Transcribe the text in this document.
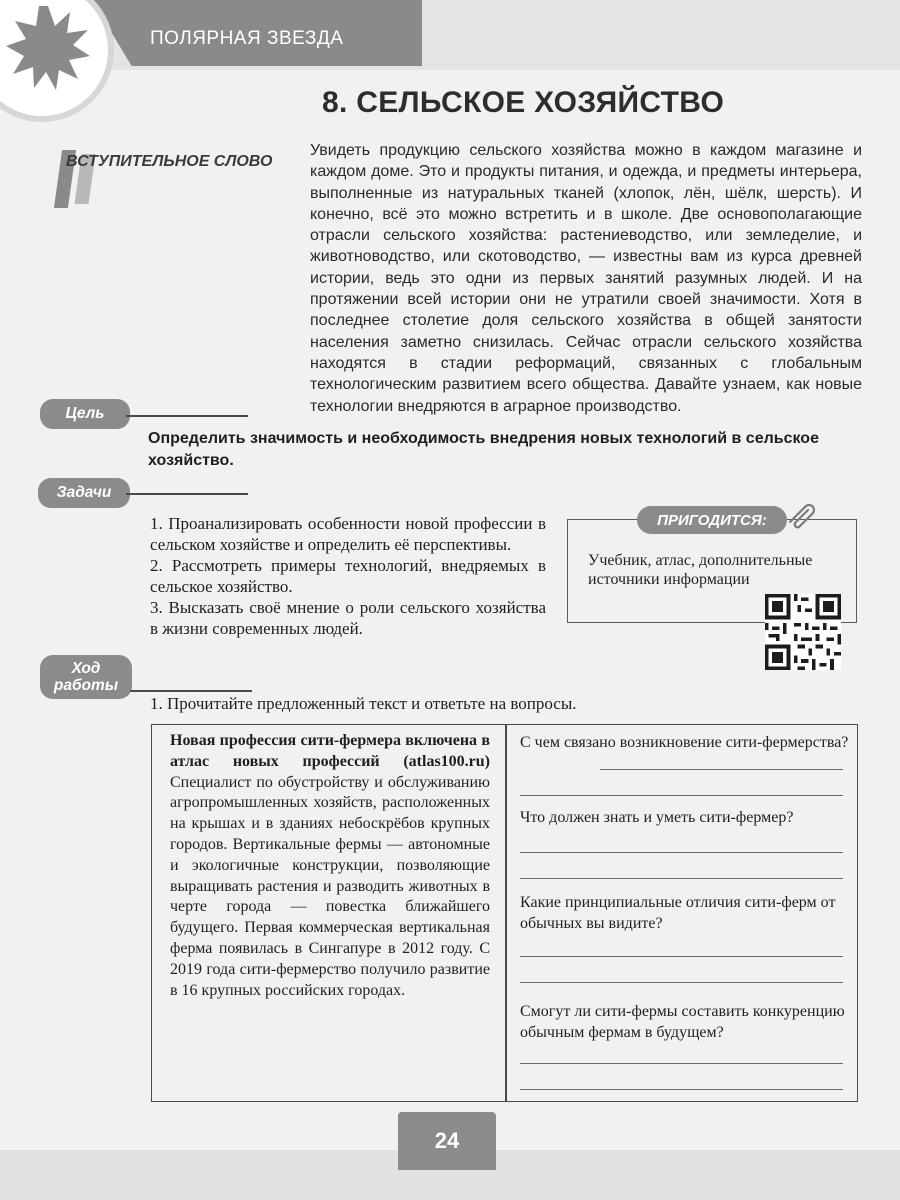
ПОЛЯРНАЯ ЗВЕЗДА
8. СЕЛЬСКОЕ ХОЗЯЙСТВО
ВСТУПИТЕЛЬНОЕ СЛОВО
Увидеть продукцию сельского хозяйства можно в каждом магазине и каждом доме. Это и продукты питания, и одежда, и предметы интерьера, выполненные из натуральных тканей (хлопок, лён, шёлк, шерсть). И конечно, всё это можно встретить и в школе. Две основополагающие отрасли сельского хозяйства: растениеводство, или земледелие, и животноводство, или скотоводство, — известны вам из курса древней истории, ведь это одни из первых занятий разумных людей. И на протяжении всей истории они не утратили своей значимости. Хотя в последнее столетие доля сельского хозяйства в общей занятости населения заметно снизилась. Сейчас отрасли сельского хозяйства находятся в стадии реформаций, связанных с глобальным технологическим развитием всего общества. Давайте узнаем, как новые технологии внедряются в аграрное производство.
Цель
Определить значимость и необходимость внедрения новых технологий в сельское хозяйство.
Задачи
1. Проанализировать особенности новой профессии в сельском хозяйстве и определить её перспективы.
2. Рассмотреть примеры технологий, внедряемых в сельское хозяйство.
3. Высказать своё мнение о роли сельского хозяйства в жизни современных людей.
ПРИГОДИТСЯ:
Учебник, атлас, дополнительные источники информации
Ход работы
1. Прочитайте предложенный текст и ответьте на вопросы.
Новая профессия сити-фермера включена в атлас новых профессий (atlas100.ru) Специалист по обустройству и обслуживанию агропромышленных хозяйств, расположенных на крышах и в зданиях небоскрёбов крупных городов. Вертикальные фермы — автономные и экологичные конструкции, позволяющие выращивать растения и разводить животных в черте города — повестка ближайшего будущего. Первая коммерческая вертикальная ферма появилась в Сингапуре в 2012 году. С 2019 года сити-фермерство получило развитие в 16 крупных российских городах.
С чем связано возникновение сити-фермерства?
Что должен знать и уметь сити-фермер?
Какие принципиальные отличия сити-ферм от обычных вы видите?
Смогут ли сити-фермы составить конкуренцию обычным фермам в будущем?
24
